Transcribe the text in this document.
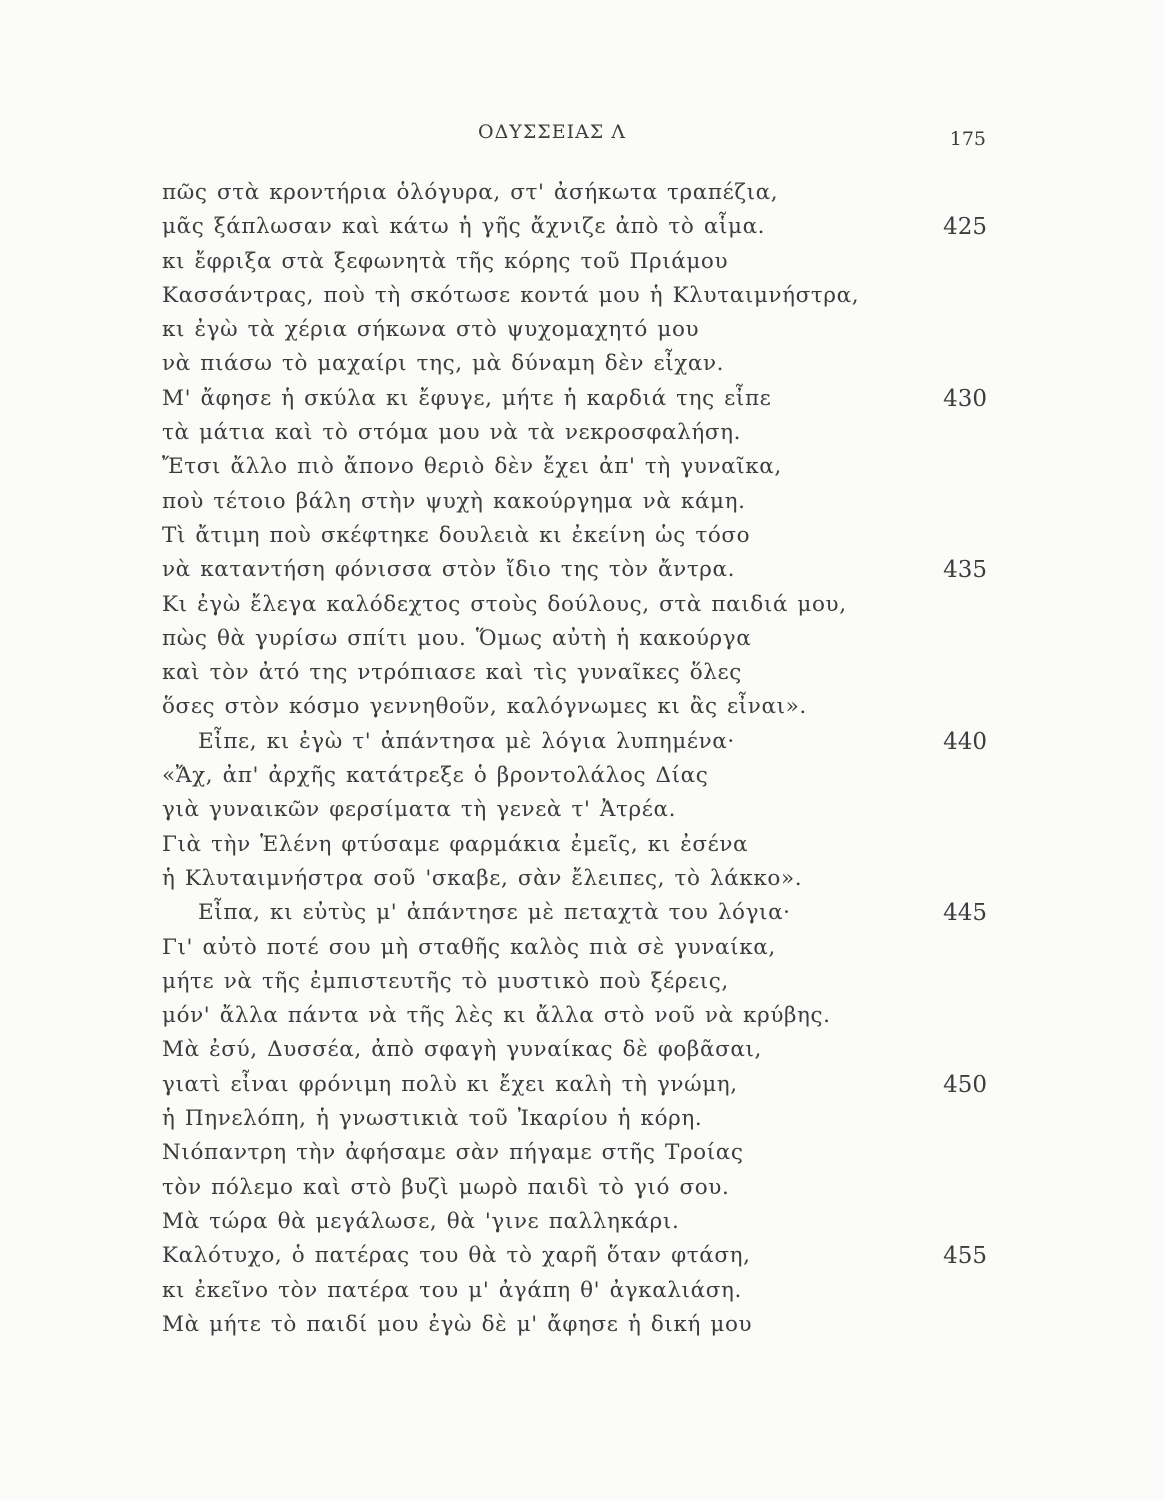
ΟΔΥΣΣΕΙΑΣ Λ	175
πῶς στὰ κροντήρια ὁλόγυρα, στ' ἀσήκωτα τραπέζια,
μᾶς ξάπλωσαν καὶ κάτω ἡ γῆς ἄχνιζε ἀπὸ τὸ αἷμα.	425
κι ἔφριξα στὰ ξεφωνητὰ τῆς κόρης τοῦ Πριάμου
Κασσάντρας, ποὺ τὴ σκότωσε κοντά μου ἡ Κλυταιμνήστρα,
κι ἐγὼ τὰ χέρια σήκωνα στὸ ψυχομαχητό μου
νὰ πιάσω τὸ μαχαίρι της, μὰ δύναμη δὲν εἶχαν.
Μ' ἄφησε ἡ σκύλα κι ἔφυγε, μήτε ἡ καρδιά της εἶπε	430
τὰ μάτια καὶ τὸ στόμα μου νὰ τὰ νεκροσφαλήση.
Ἔτσι ἄλλο πιὸ ἄπονο θεριὸ δὲν ἔχει ἀπ' τὴ γυναῖκα,
ποὺ τέτοιο βάλη στὴν ψυχὴ κακούργημα νὰ κάμη.
Τὶ ἄτιμη ποὺ σκέφτηκε δουλειὰ κι ἐκείνη ὡς τόσο
νὰ καταντήση φόνισσα στὸν ἴδιο της τὸν ἄντρα.	435
Κι ἐγὼ ἔλεγα καλόδεχτος στοὺς δούλους, στὰ παιδιά μου,
πὼς θὰ γυρίσω σπίτι μου. Ὅμως αὐτὴ ἡ κακούργα
καὶ τὸν ἀτό της ντρόπιασε καὶ τὶς γυναῖκες ὅλες
ὅσες στὸν κόσμο γεννηθοῦν, καλόγνωμες κι ἂς εἶναι».
Εἶπε, κι ἐγὼ τ' ἀπάντησα μὲ λόγια λυπημένα·	440
«Ἄχ, ἀπ' ἀρχῆς κατάτρεξε ὁ βροντολάλος Δίας
γιὰ γυναικῶν φερσίματα τὴ γενεὰ τ' Ἀτρέα.
Γιὰ τὴν Ἑλένη φτύσαμε φαρμάκια ἐμεῖς, κι ἐσένα
ἡ Κλυταιμνήστρα σοῦ 'σκαβε, σὰν ἔλειπες, τὸ λάκκο».
Εἶπα, κι εὐτὺς μ' ἀπάντησε μὲ πεταχτὰ του λόγια·	445
Γι' αὐτὸ ποτέ σου μὴ σταθῆς καλὸς πιὰ σὲ γυναίκα,
μήτε νὰ τῆς ἐμπιστευτῆς τὸ μυστικὸ ποὺ ξέρεις,
μόν' ἄλλα πάντα νὰ τῆς λὲς κι ἄλλα στὸ νοῦ νὰ κρύβης.
Μὰ ἐσύ, Δυσσέα, ἀπὸ σφαγὴ γυναίκας δὲ φοβᾶσαι,
γιατὶ εἶναι φρόνιμη πολὺ κι ἔχει καλὴ τὴ γνώμη,	450
ἡ Πηνελόπη, ἡ γνωστικιὰ τοῦ Ἰκαρίου ἡ κόρη.
Νιόπαντρη τὴν ἀφήσαμε σὰν πήγαμε στῆς Τροίας
τὸν πόλεμο καὶ στὸ βυζὶ μωρὸ παιδὶ τὸ γιό σου.
Μὰ τώρα θὰ μεγάλωσε, θὰ 'γινε παλληκάρι.
Καλότυχο, ὁ πατέρας του θὰ τὸ χαρῆ ὅταν φτάση,	455
κι ἐκεῖνο τὸν πατέρα του μ' ἀγάπη θ' ἀγκαλιάση.
Μὰ μήτε τὸ παιδί μου ἐγὼ δὲ μ' ἄφησε ἡ δική μου
